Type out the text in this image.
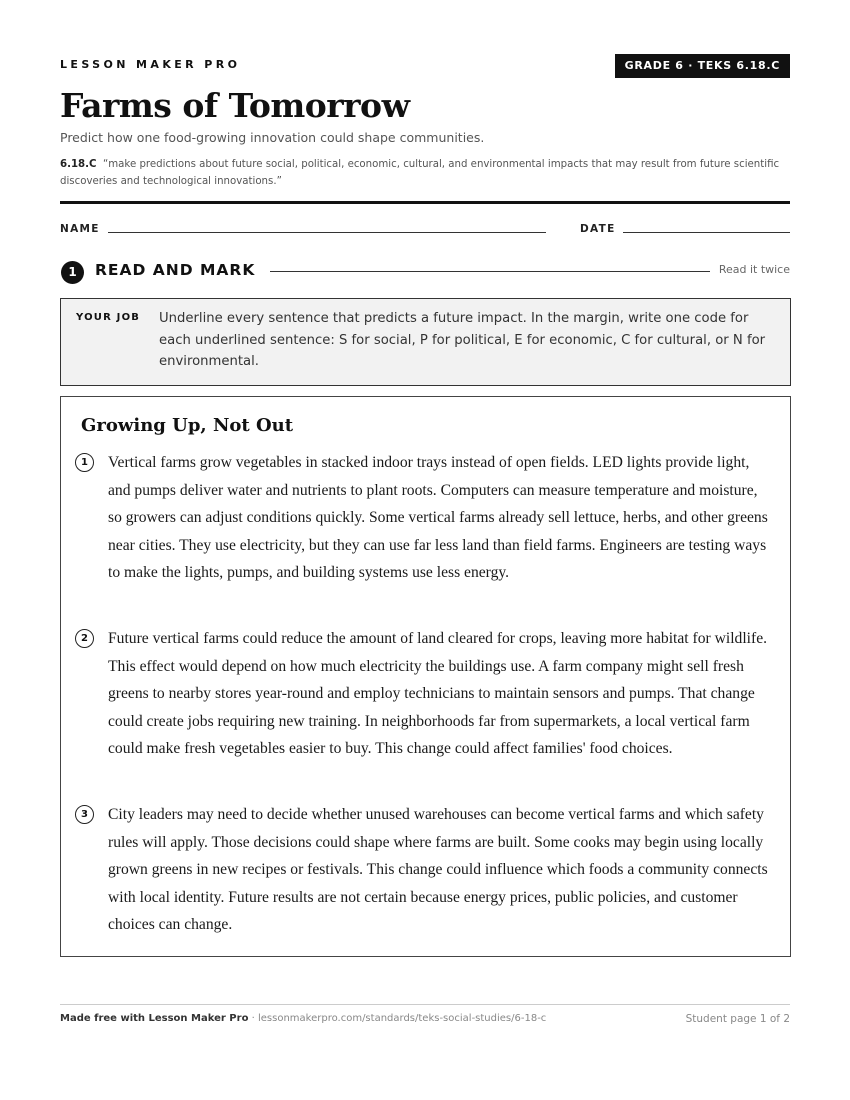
LESSON MAKER PRO	GRADE 6 · TEKS 6.18.C
Farms of Tomorrow
Predict how one food-growing innovation could shape communities.
6.18.C “make predictions about future social, political, economic, cultural, and environmental impacts that may result from future scientific discoveries and technological innovations.”
NAME	DATE
1	READ AND MARK	Read it twice
YOUR JOB Underline every sentence that predicts a future impact. In the margin, write one code for each underlined sentence: S for social, P for political, E for economic, C for cultural, or N for environmental.
Growing Up, Not Out
1	Vertical farms grow vegetables in stacked indoor trays instead of open fields. LED lights provide light, and pumps deliver water and nutrients to plant roots. Computers can measure temperature and moisture, so growers can adjust conditions quickly. Some vertical farms already sell lettuce, herbs, and other greens near cities. They use electricity, but they can use far less land than field farms. Engineers are testing ways to make the lights, pumps, and building systems use less energy.
2	Future vertical farms could reduce the amount of land cleared for crops, leaving more habitat for wildlife. This effect would depend on how much electricity the buildings use. A farm company might sell fresh greens to nearby stores year-round and employ technicians to maintain sensors and pumps. That change could create jobs requiring new training. In neighborhoods far from supermarkets, a local vertical farm could make fresh vegetables easier to buy. This change could affect families' food choices.
3	City leaders may need to decide whether unused warehouses can become vertical farms and which safety rules will apply. Those decisions could shape where farms are built. Some cooks may begin using locally grown greens in new recipes or festivals. This change could influence which foods a community connects with local identity. Future results are not certain because energy prices, public policies, and customer choices can change.
Made free with Lesson Maker Pro · lessonmakerpro.com/standards/teks-social-studies/6-18-c	Student page 1 of 2
